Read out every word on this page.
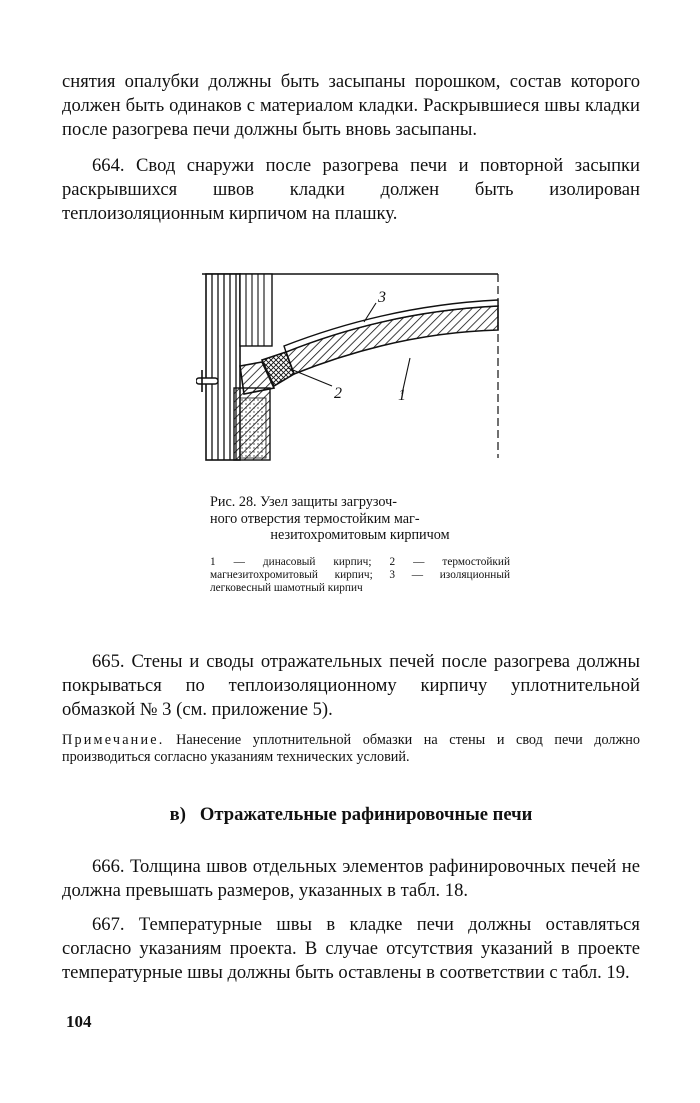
снятия опалубки должны быть засыпаны порошком, состав которого должен быть одинаков с материалом кладки. Раскрывшиеся швы кладки после разогрева печи должны быть вновь засыпаны.

664. Свод снаружи после разогрева печи и повторной засыпки раскрывшихся швов кладки должен быть изолирован теплоизоляционным кирпичом на плашку.

3
2	1

Рис. 28. Узел защиты загрузоч-
ного отверстия термостойким маг-

незитохромитовым кирпичом

1 — динасовый кирпич; 2 — термостойкий магнезитохромитовый кирпич; 3 — изоляционный легковесный шамотный кирпич

665. Стены и своды отражательных печей после разогрева должны покрываться по теплоизоляционному кирпичу уплотнительной обмазкой № 3 (см. приложение 5).

Примечание. Нанесение уплотнительной обмазки на стены и свод печи должно производиться согласно указаниям технических условий.

в) Отражательные рафинировочные печи

666. Толщина швов отдельных элементов рафинировочных печей не должна превышать размеров, указанных в табл. 18.

667. Температурные швы в кладке печи должны оставляться согласно указаниям проекта. В случае отсутствия указаний в проекте температурные швы должны быть оставлены в соответствии с табл. 19.

104
